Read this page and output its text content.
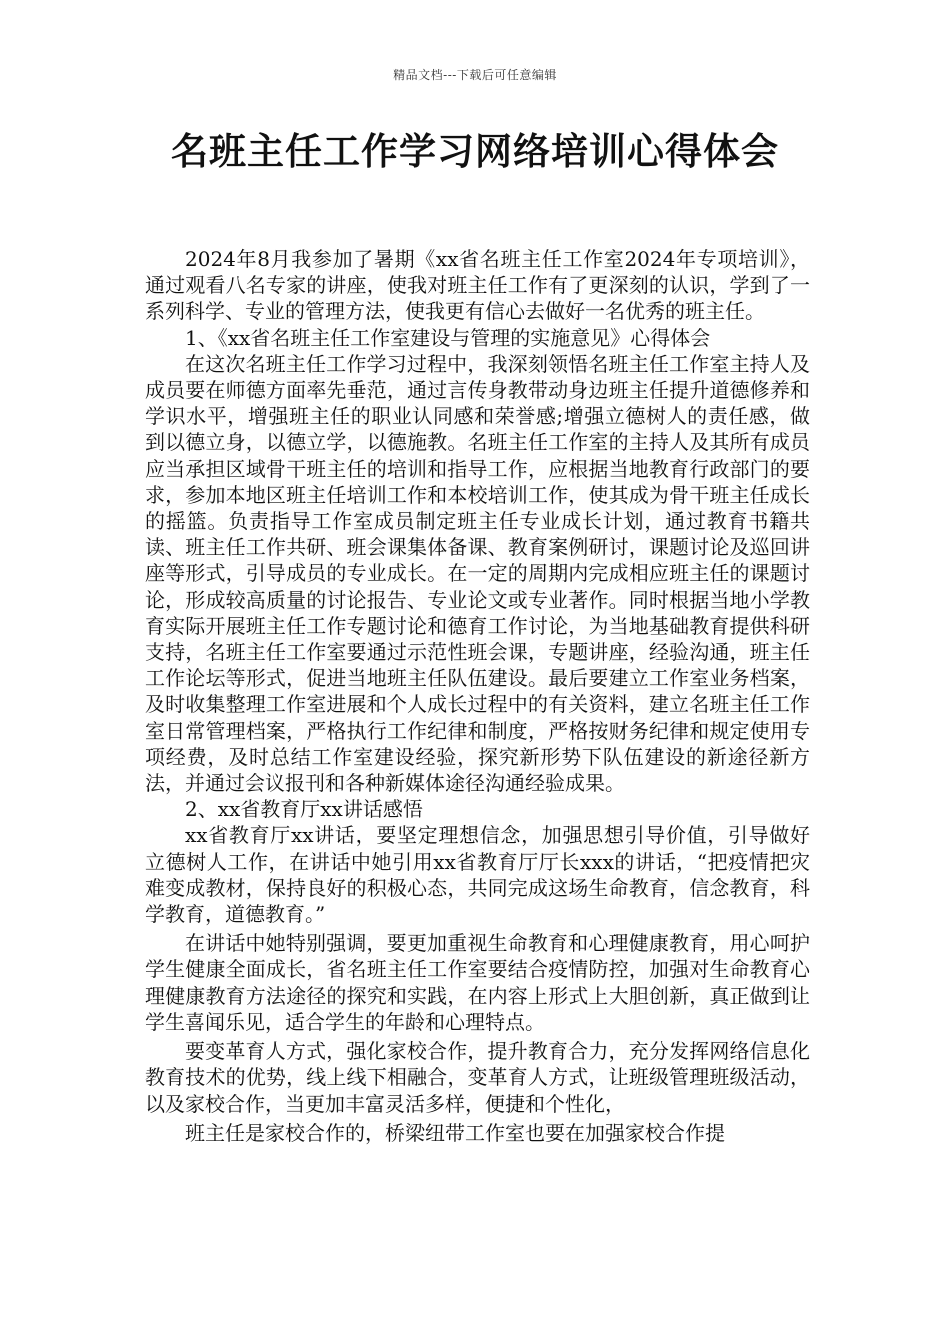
精品文档---下载后可任意编辑
名班主任工作学习网络培训心得体会

2024年8月我参加了暑期《xx省名班主任工作室2024年专项培训》，通过观看八名专家的讲座，使我对班主任工作有了更深刻的认识，学到了一系列科学、专业的管理方法，使我更有信心去做好一名优秀的班主任。

1、《xx省名班主任工作室建设与管理的实施意见》心得体会

在这次名班主任工作学习过程中，我深刻领悟名班主任工作室主持人及成员要在师德方面率先垂范，通过言传身教带动身边班主任提升道德修养和学识水平，增强班主任的职业认同感和荣誉感;增强立德树人的责任感，做到以德立身，以德立学，以德施教。名班主任工作室的主持人及其所有成员应当承担区域骨干班主任的培训和指导工作，应根据当地教育行政部门的要求，参加本地区班主任培训工作和本校培训工作，使其成为骨干班主任成长的摇篮。负责指导工作室成员制定班主任专业成长计划，通过教育书籍共读、班主任工作共研、班会课集体备课、教育案例研讨，课题讨论及巡回讲座等形式，引导成员的专业成长。在一定的周期内完成相应班主任的课题讨论，形成较高质量的讨论报告、专业论文或专业著作。同时根据当地小学教育实际开展班主任工作专题讨论和德育工作讨论，为当地基础教育提供科研支持，名班主任工作室要通过示范性班会课，专题讲座，经验沟通，班主任工作论坛等形式，促进当地班主任队伍建设。最后要建立工作室业务档案，及时收集整理工作室进展和个人成长过程中的有关资料，建立名班主任工作室日常管理档案，严格执行工作纪律和制度，严格按财务纪律和规定使用专项经费，及时总结工作室建设经验，探究新形势下队伍建设的新途径新方法，并通过会议报刊和各种新媒体途径沟通经验成果。

2、xx省教育厅xx讲话感悟

xx省教育厅xx讲话，要坚定理想信念，加强思想引导价值，引导做好立德树人工作，在讲话中她引用xx省教育厅厅长xxx的讲话，“把疫情把灾难变成教材，保持良好的积极心态，共同完成这场生命教育，信念教育，科学教育，道德教育。”

在讲话中她特别强调，要更加重视生命教育和心理健康教育，用心呵护学生健康全面成长，省名班主任工作室要结合疫情防控，加强对生命教育心理健康教育方法途径的探究和实践，在内容上形式上大胆创新，真正做到让学生喜闻乐见，适合学生的年龄和心理特点。

要变革育人方式，强化家校合作，提升教育合力，充分发挥网络信息化教育技术的优势，线上线下相融合，变革育人方式，让班级管理班级活动，以及家校合作，当更加丰富灵活多样，便捷和个性化，

班主任是家校合作的，桥梁纽带工作室也要在加强家校合作提
